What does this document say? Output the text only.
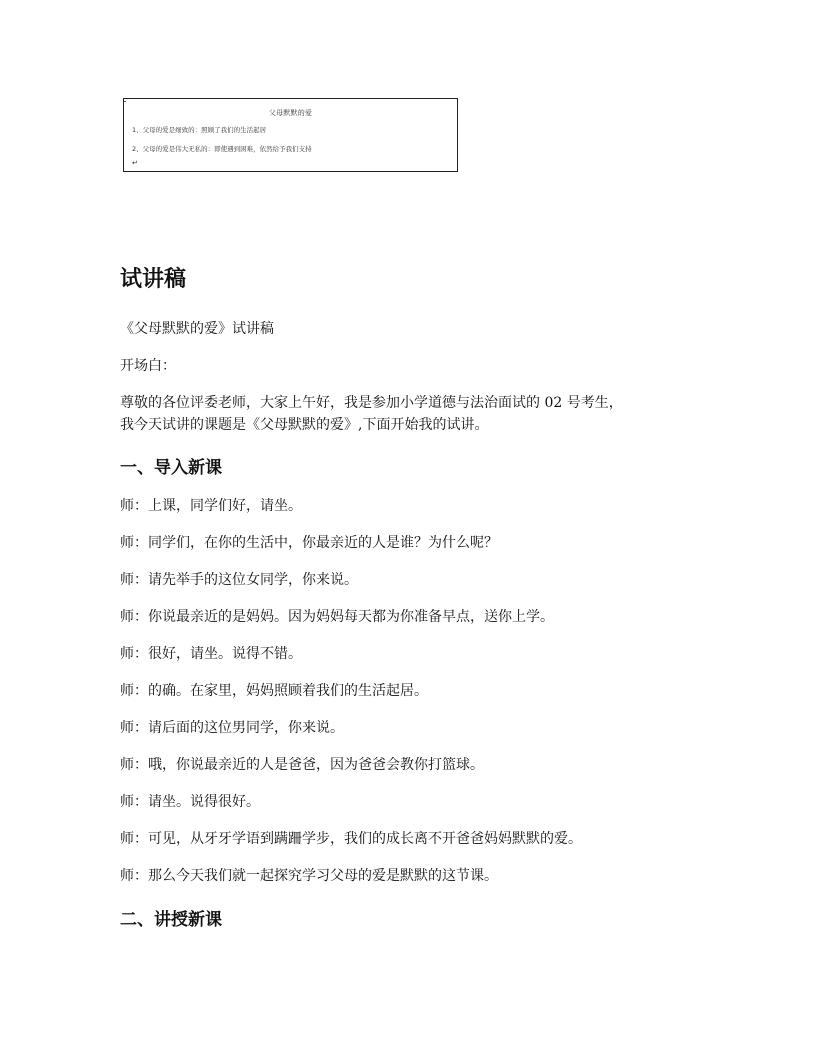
父母默默的爱
1、父母的爱是细致的：照顾了我们的生活起居
2、父母的爱是伟大无私的：即使遇到困难，依然给予我们支持
↵
试讲稿

《父母默默的爱》试讲稿

开场白：

尊敬的各位评委老师，大家上午好，我是参加小学道德与法治面试的 02 号考生，

我今天试讲的课题是《父母默默的爱》,下面开始我的试讲。

一、导入新课

师：上课，同学们好，请坐。

师：同学们，在你的生活中，你最亲近的人是谁？为什么呢？

师：请先举手的这位女同学，你来说。

师：你说最亲近的是妈妈。因为妈妈每天都为你准备早点，送你上学。

师：很好，请坐。说得不错。

师：的确。在家里，妈妈照顾着我们的生活起居。

师：请后面的这位男同学，你来说。

师：哦，你说最亲近的人是爸爸，因为爸爸会教你打篮球。

师：请坐。说得很好。

师：可见，从牙牙学语到蹒跚学步，我们的成长离不开爸爸妈妈默默的爱。

师：那么今天我们就一起探究学习父母的爱是默默的这节课。

二、讲授新课
